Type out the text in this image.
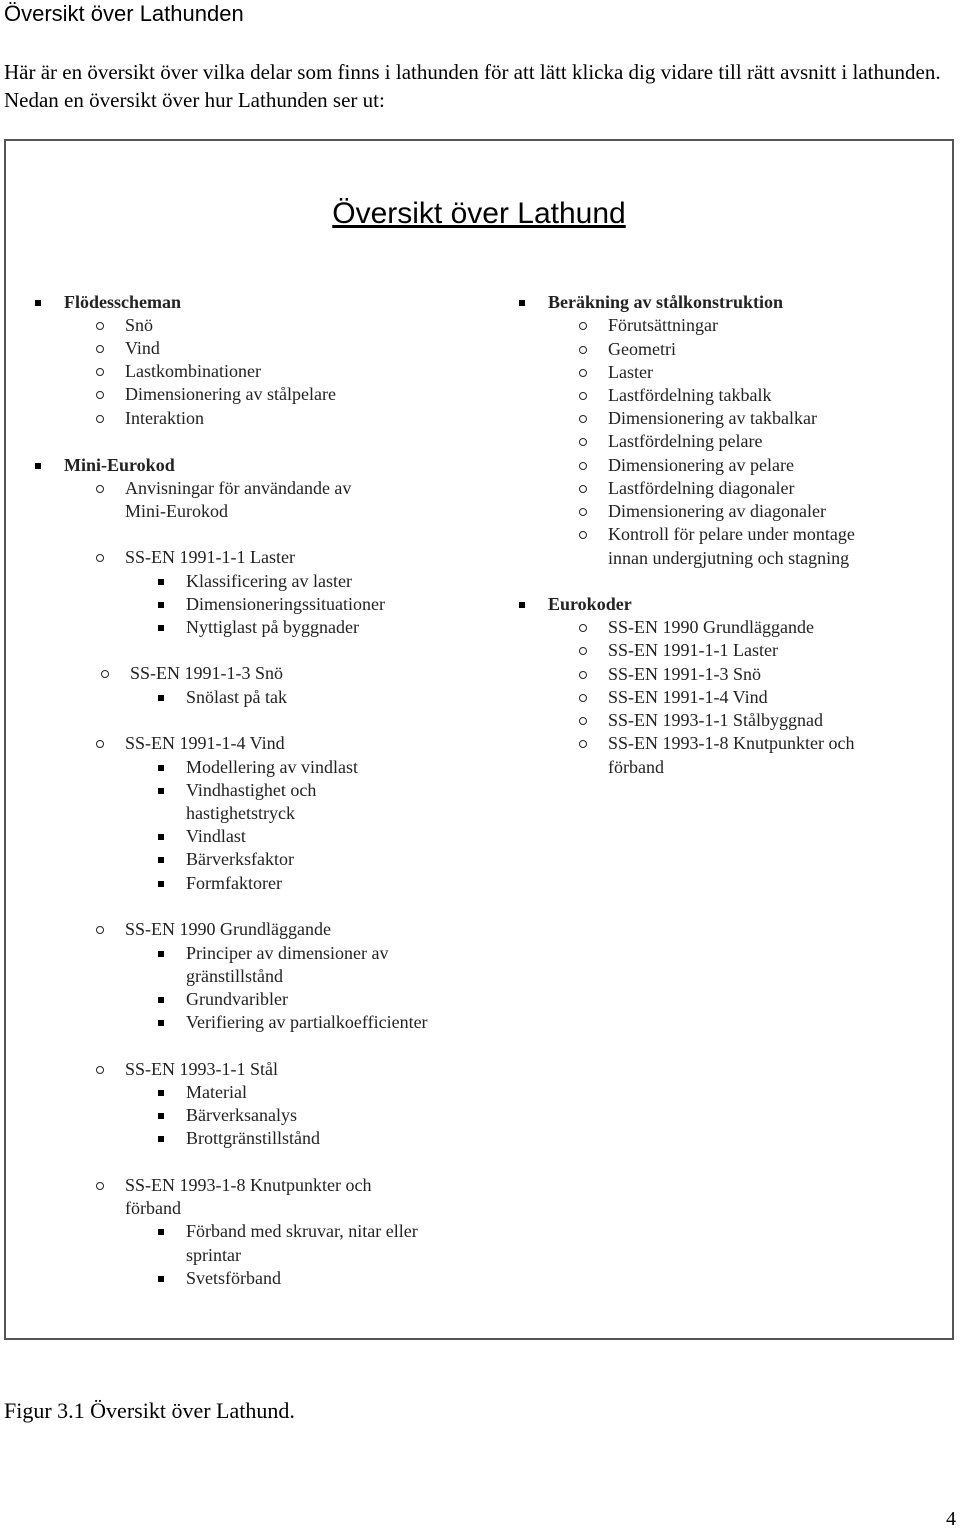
Översikt över Lathunden

Här är en översikt över vilka delar som finns i lathunden för att lätt klicka dig vidare till rätt avsnitt i lathunden. Nedan en översikt över hur Lathunden ser ut:

Översikt över Lathund
Flödesscheman
Snö
Vind
Lastkombinationer
Dimensionering av stålpelare
Interaktion
Mini-Eurokod
Anvisningar för användande av
Mini-Eurokod
SS-EN 1991-1-1 Laster
Klassificering av laster
Dimensioneringssituationer
Nyttiglast på byggnader
SS-EN 1991-1-3 Snö
Snölast på tak
SS-EN 1991-1-4 Vind
Modellering av vindlast
Vindhastighet och
hastighetstryck
Vindlast
Bärverksfaktor
Formfaktorer
SS-EN 1990 Grundläggande
Principer av dimensioner av
gränstillstånd
Grundvaribler
Verifiering av partialkoefficienter
SS-EN 1993-1-1 Stål
Material
Bärverksanalys
Brottgränstillstånd
SS-EN 1993-1-8 Knutpunkter och
förband
Förband med skruvar, nitar eller
sprintar
Svetsförband
Beräkning av stålkonstruktion
Förutsättningar
Geometri
Laster
Lastfördelning takbalk
Dimensionering av takbalkar
Lastfördelning pelare
Dimensionering av pelare
Lastfördelning diagonaler
Dimensionering av diagonaler
Kontroll för pelare under montage
innan undergjutning och stagning
Eurokoder
SS-EN 1990 Grundläggande
SS-EN 1991-1-1 Laster
SS-EN 1991-1-3 Snö
SS-EN 1991-1-4 Vind
SS-EN 1993-1-1 Stålbyggnad
SS-EN 1993-1-8 Knutpunkter och
förband

Figur 3.1 Översikt över Lathund.

4
